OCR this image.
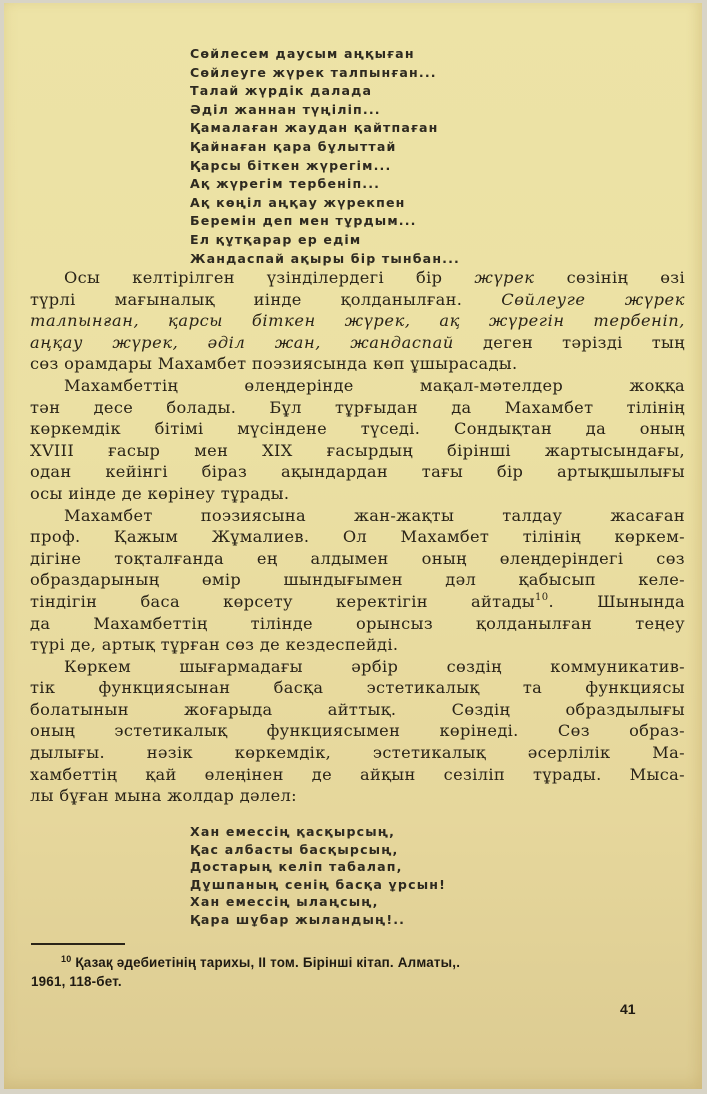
Сөйлесем даусым аңқыған
Сөйлеуге жүрек талпынған...
Талай жүрдік далада
Әділ жаннан түңіліп...
Қамалаған жаудан қайтпаған
Қайнаған қара бұлыттай
Қарсы біткен жүрегім...
Ақ жүрегім тербеніп...
Ақ көңіл аңқау жүрекпен
Беремін деп мен тұрдым...
Ел құтқарар ер едім
Жандаспай ақыры бір тынбан...
Осы келтірілген үзінділердегі бір жүрек сөзінің өзі
түрлі мағыналық иінде қолданылған. Сөйлеуге жүрек
талпынған, қарсы біткен жүрек, ақ жүрегін тербеніп,
аңқау жүрек, әділ жан, жандаспай деген тәрізді тың
сөз орамдары Махамбет поэзиясында көп ұшырасады.
Махамбеттің өлеңдерінде мақал-мәтелдер жоққа
тән десе болады. Бұл тұрғыдан да Махамбет тілінің
көркемдік бітімі мүсіндене түседі. Сондықтан да оның
XVIII ғасыр мен XIX ғасырдың бірінші жартысындағы,
одан кейінгі біраз ақындардан тағы бір артықшылығы
осы иінде де көрінеу тұрады.
Махамбет поэзиясына жан-жақты талдау жасаған
проф. Қажым Жұмалиев. Ол Махамбет тілінің көркем-
дігіне тоқталғанда ең алдымен оның өлеңдеріндегі сөз
образдарының өмір шындығымен дәл қабысып келе-
тіндігін баса көрсету керектігін айтады$^{10}$. Шынында
да Махамбеттің тілінде орынсыз қолданылған теңеу
түрі де, артық тұрған сөз де кездеспейді.
Көркем шығармадағы әрбір сөздің коммуникатив-
тік функциясынан басқа эстетикалық та функциясы
болатынын жоғарыда айттық. Сөздің образдылығы
оның эстетикалық функциясымен көрінеді. Сөз образ-
дылығы. нәзік көркемдік, эстетикалық әсерлілік Ма-
хамбеттің қай өлеңінен де айқын сезіліп тұрады. Мыса-
лы бұған мына жолдар дәлел:
Хан емессің қасқырсың,
Қас албасты басқырсың,
Достарың келіп табалап,
Дұшпаның сенің басқа ұрсын!
Хан емессің ылаңсың,
Қара шұбар жыландың!..
$^{10}$ Қазақ әдебиетінің тарихы, II том. Бірінші кітап. Алматы,.
1961, 118-бет.
41
